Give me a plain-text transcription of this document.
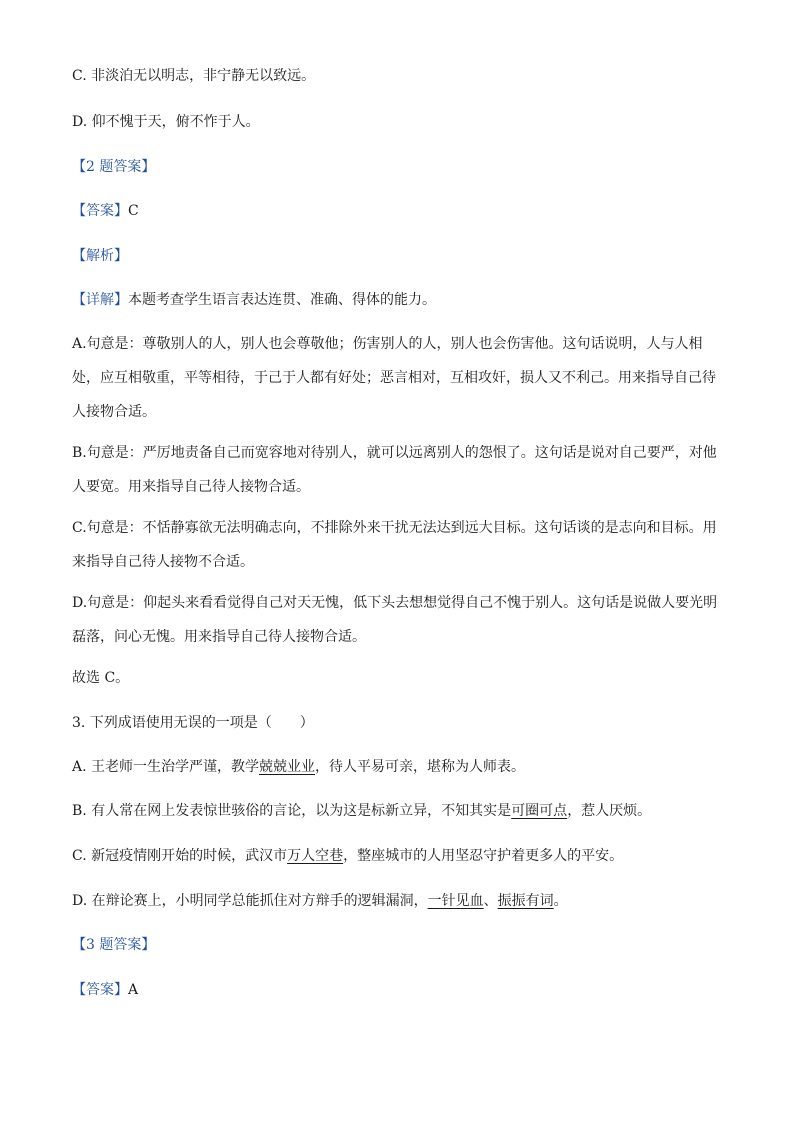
C. 非淡泊无以明志，非宁静无以致远。
D. 仰不愧于天，俯不怍于人。
【2 题答案】
【答案】C
【解析】
【详解】本题考查学生语言表达连贯、准确、得体的能力。
A.句意是：尊敬别人的人，别人也会尊敬他；伤害别人的人，别人也会伤害他。这句话说明，人与人相
处，应互相敬重，平等相待，于己于人都有好处；恶言相对，互相攻奸，损人又不利己。用来指导自己待
人接物合适。
B.句意是：严厉地责备自己而宽容地对待别人，就可以远离别人的怨恨了。这句话是说对自己要严，对他
人要宽。用来指导自己待人接物合适。
C.句意是：不恬静寡欲无法明确志向，不排除外来干扰无法达到远大目标。这句话谈的是志向和目标。用
来指导自己待人接物不合适。
D.句意是：仰起头来看看觉得自己对天无愧，低下头去想想觉得自己不愧于别人。这句话是说做人要光明
磊落，问心无愧。用来指导自己待人接物合适。
故选 C。
3. 下列成语使用无误的一项是（　　）
A. 王老师一生治学严谨，教学兢兢业业，待人平易可亲，堪称为人师表。
B. 有人常在网上发表惊世骇俗的言论，以为这是标新立异，不知其实是可圈可点，惹人厌烦。
C. 新冠疫情刚开始的时候，武汉市万人空巷，整座城市的人用坚忍守护着更多人的平安。
D. 在辩论赛上，小明同学总能抓住对方辩手的逻辑漏洞，一针见血、振振有词。
【3 题答案】
【答案】A
